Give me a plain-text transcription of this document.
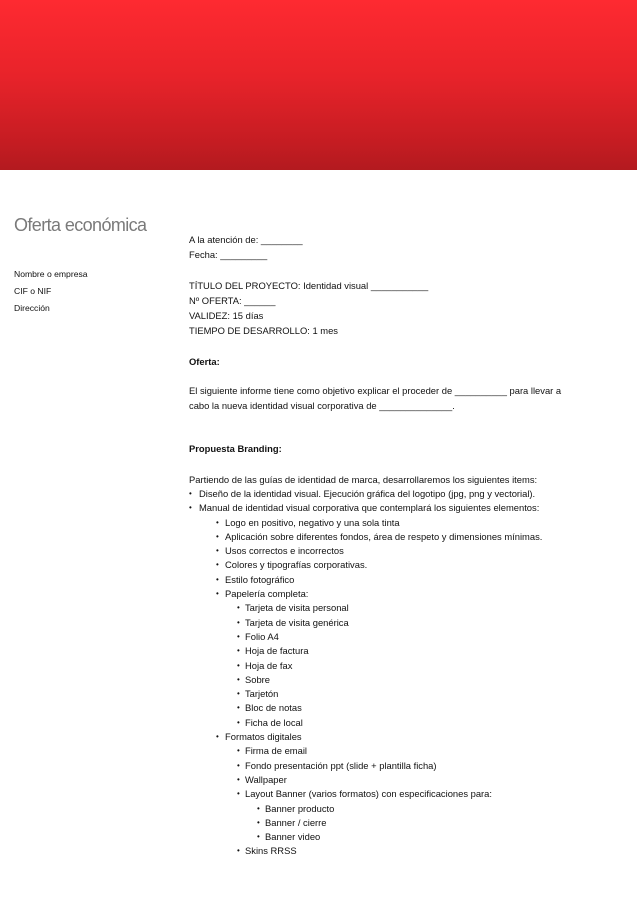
Oferta económica
Nombre o empresa
CIF o NIF
Dirección

A la atención de: ________

Fecha: _________

TÍTULO DEL PROYECTO: Identidad visual ___________

Nº OFERTA: ______

VALIDEZ: 15 días

TIEMPO DE DESARROLLO: 1 mes

Oferta:

El siguiente informe tiene como objetivo explicar el proceder de __________ para llevar a

cabo la nueva identidad visual corporativa de ______________.

Propuesta Branding:

Partiendo de las guías de identidad de marca, desarrollaremos los siguientes items:

• Diseño de la identidad visual. Ejecución gráfica del logotipo (jpg, png y vectorial).
• Manual de identidad visual corporativa que contemplará los siguientes elementos:
• Logo en positivo, negativo y una sola tinta
• Aplicación sobre diferentes fondos, área de respeto y dimensiones mínimas.
• Usos correctos e incorrectos
• Colores y tipografías corporativas.
• Estilo fotográfico
• Papelería completa:
• Tarjeta de visita personal
• Tarjeta de visita genérica
• Folio A4
• Hoja de factura
• Hoja de fax
• Sobre
• Tarjetón
• Bloc de notas
• Ficha de local
• Formatos digitales
• Firma de email
• Fondo presentación ppt (slide + plantilla ficha)
• Wallpaper
• Layout Banner (varios formatos) con especificaciones para:
• Banner producto
• Banner / cierre
• Banner video
• Skins RRSS
